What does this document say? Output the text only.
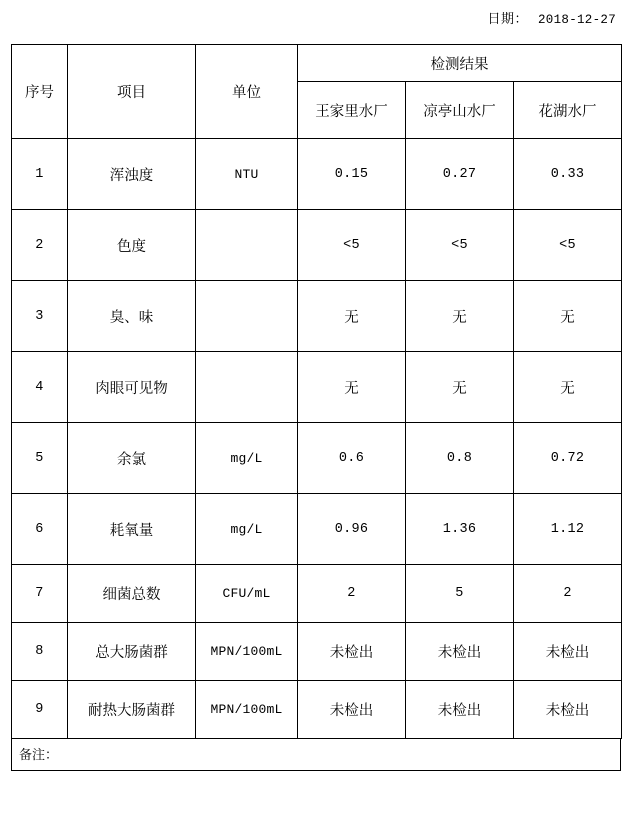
日期： 2018-12-27
序号	项目	单位	检测结果		
			王家里水厂	凉亭山水厂	花湖水厂
1	浑浊度	NTU	0.15	0.27	0.33
2	色度		<5	<5	<5
3	臭、味		无	无	无
4	肉眼可见物		无	无	无
5	余氯	mg/L	0.6	0.8	0.72
6	耗氧量	mg/L	0.96	1.36	1.12
7	细菌总数	CFU/mL	2	5	2
8	总大肠菌群	MPN/100mL	未检出	未检出	未检出
9	耐热大肠菌群	MPN/100mL	未检出	未检出	未检出
备注：
